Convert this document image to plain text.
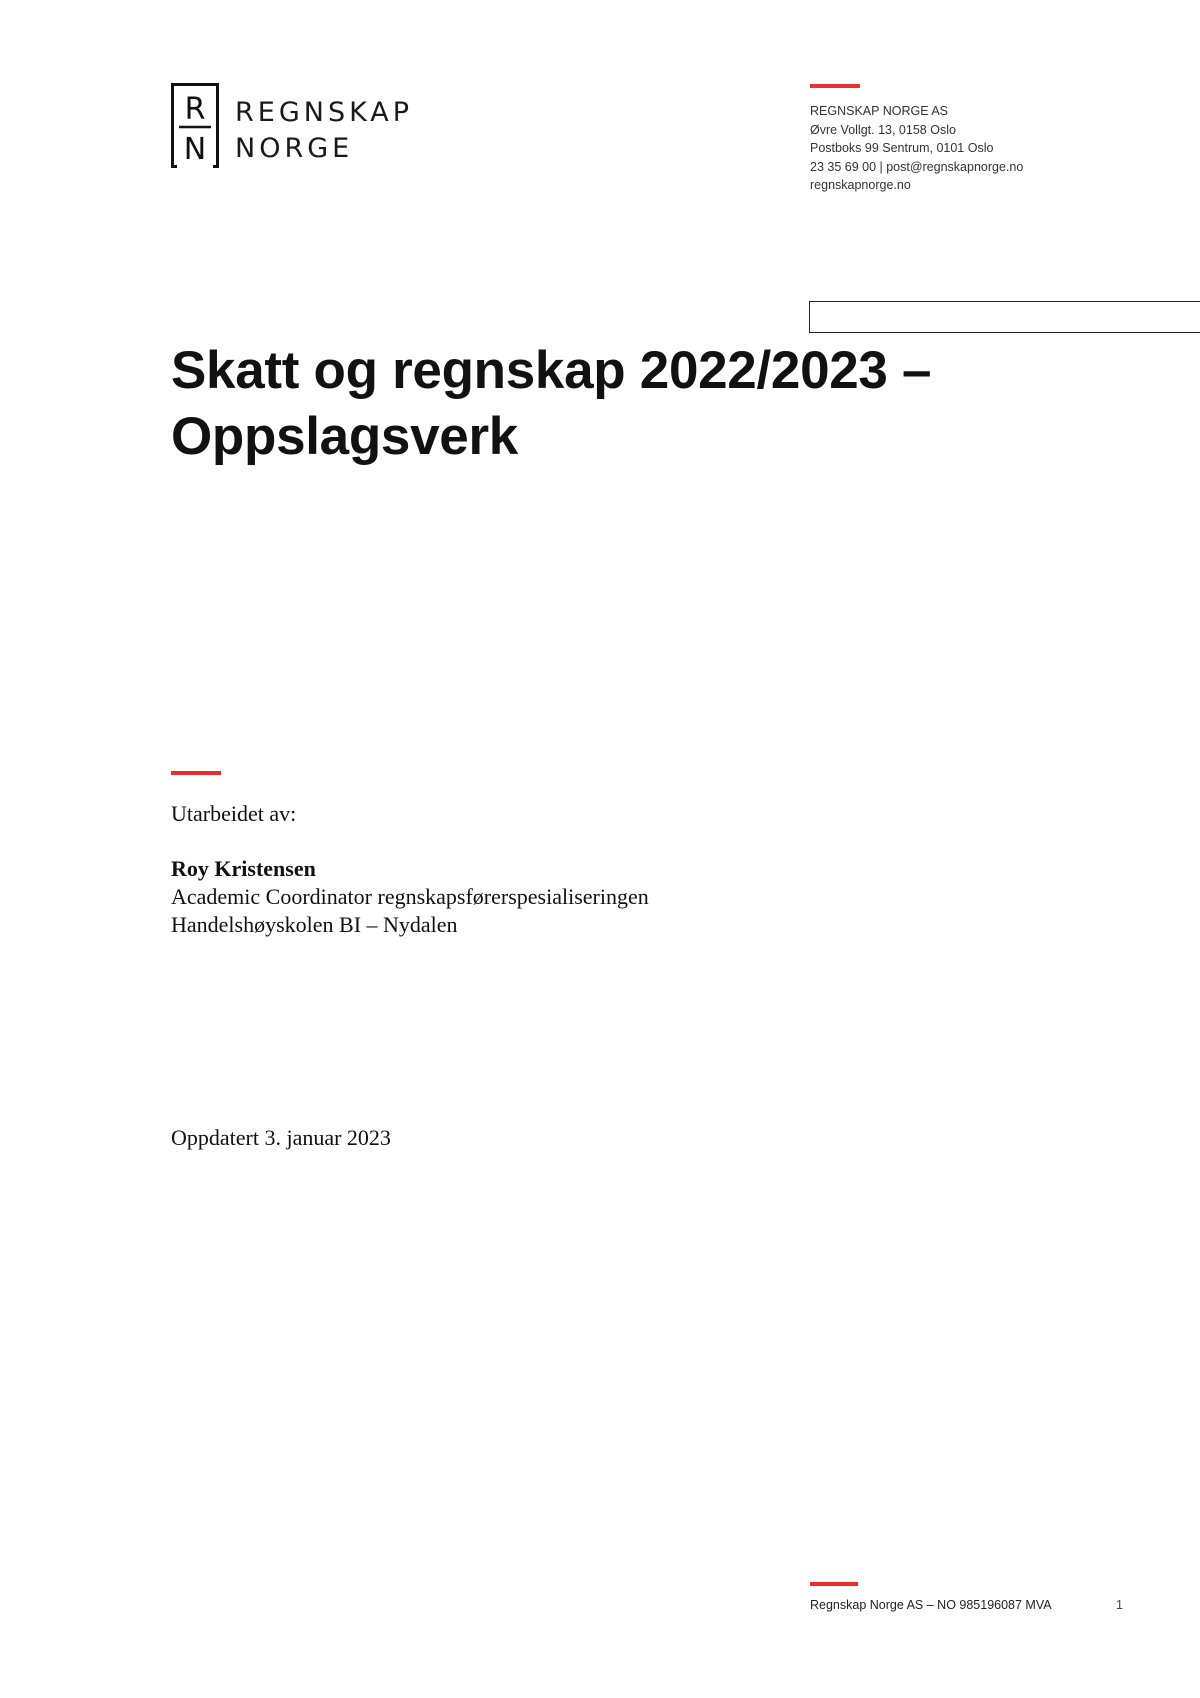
R
N
REGNSKAP
NORGE
REGNSKAP NORGE AS
Øvre Vollgt. 13, 0158 Oslo
Postboks 99 Sentrum, 0101 Oslo
23 35 69 00 | post@regnskapnorge.no
regnskapnorge.no
Skatt og regnskap 2022/2023 –
Oppslagsverk
Utarbeidet av:
Roy Kristensen
Academic Coordinator regnskapsførerspesialiseringen
Handelshøyskolen BI – Nydalen
Oppdatert 3. januar 2023
Regnskap Norge AS – NO 985196087 MVA	1
